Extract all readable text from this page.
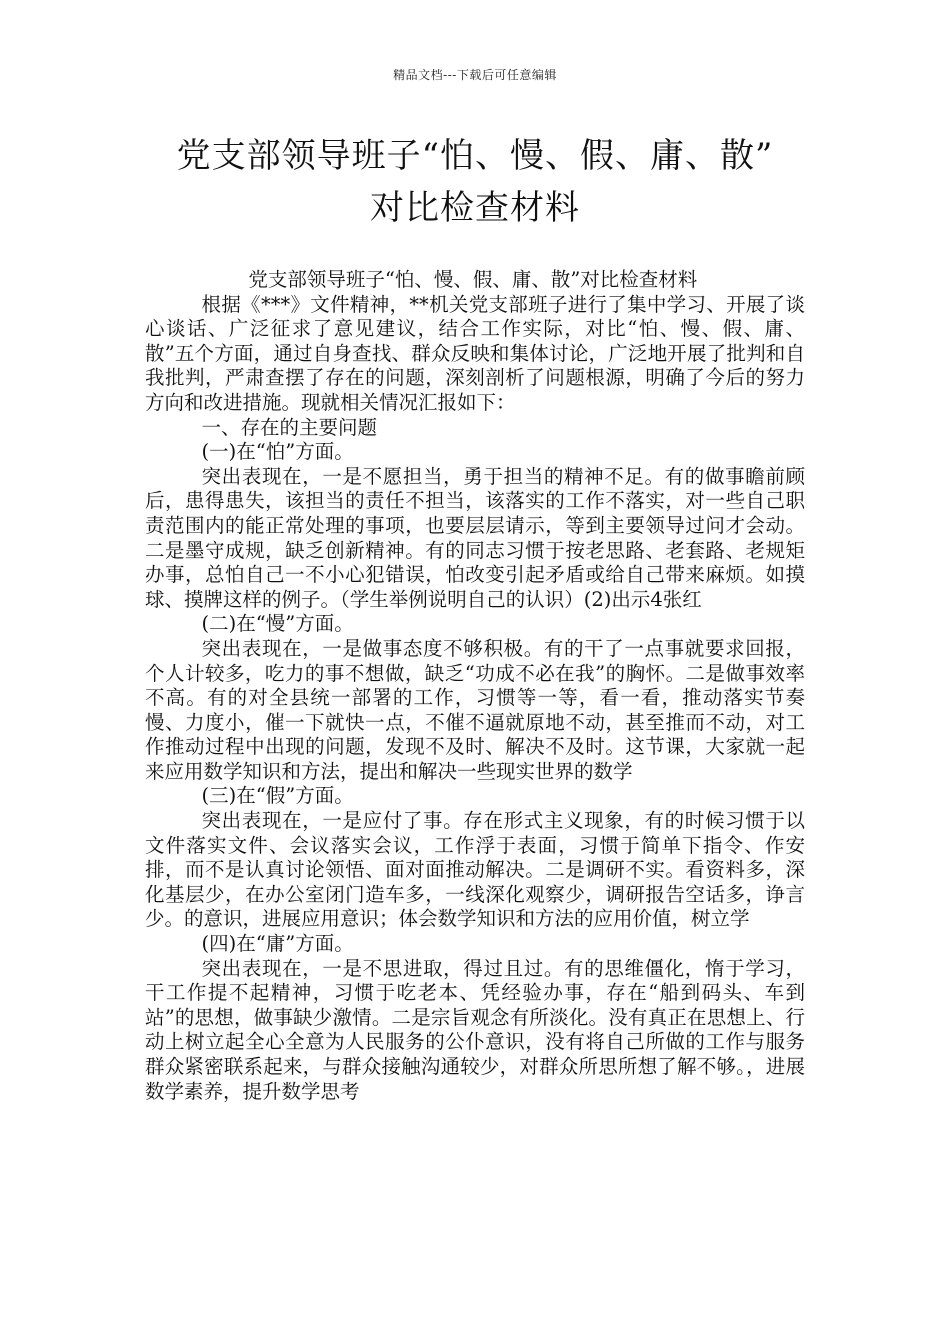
精品文档---下载后可任意编辑
党支部领导班子“怕、慢、假、庸、散”
对比检查材料

党支部领导班子“怕、慢、假、庸、散”对比检查材料

根据《***》文件精神，**机关党支部班子进行了集中学习、开展了谈心谈话、广泛征求了意见建议，结合工作实际，对比“怕、慢、假、庸、散”五个方面，通过自身查找、群众反映和集体讨论，广泛地开展了批判和自我批判，严肃查摆了存在的问题，深刻剖析了问题根源，明确了今后的努力方向和改进措施。现就相关情况汇报如下：

一、存在的主要问题

(一)在“怕”方面。

突出表现在，一是不愿担当，勇于担当的精神不足。有的做事瞻前顾后，患得患失，该担当的责任不担当，该落实的工作不落实，对一些自己职责范围内的能正常处理的事项，也要层层请示，等到主要领导过问才会动。二是墨守成规，缺乏创新精神。有的同志习惯于按老思路、老套路、老规矩办事，总怕自己一不小心犯错误，怕改变引起矛盾或给自己带来麻烦。如摸球、摸牌这样的例子。（学生举例说明自己的认识）(2)出示4张红

(二)在“慢”方面。

突出表现在，一是做事态度不够积极。有的干了一点事就要求回报，个人计较多，吃力的事不想做，缺乏“功成不必在我”的胸怀。二是做事效率不高。有的对全县统一部署的工作，习惯等一等，看一看，推动落实节奏慢、力度小，催一下就快一点，不催不逼就原地不动，甚至推而不动，对工作推动过程中出现的问题，发现不及时、解决不及时。这节课，大家就一起来应用数学知识和方法，提出和解决一些现实世界的数学

(三)在“假”方面。

突出表现在，一是应付了事。存在形式主义现象，有的时候习惯于以文件落实文件、会议落实会议，工作浮于表面，习惯于简单下指令、作安排，而不是认真讨论领悟、面对面推动解决。二是调研不实。看资料多，深化基层少，在办公室闭门造车多，一线深化观察少，调研报告空话多，诤言少。的意识，进展应用意识；体会数学知识和方法的应用价值，树立学

(四)在“庸”方面。

突出表现在，一是不思进取，得过且过。有的思维僵化，惰于学习，干工作提不起精神，习惯于吃老本、凭经验办事，存在“船到码头、车到站”的思想，做事缺少激情。二是宗旨观念有所淡化。没有真正在思想上、行动上树立起全心全意为人民服务的公仆意识，没有将自己所做的工作与服务群众紧密联系起来，与群众接触沟通较少，对群众所思所想了解不够。，进展数学素养，提升数学思考
